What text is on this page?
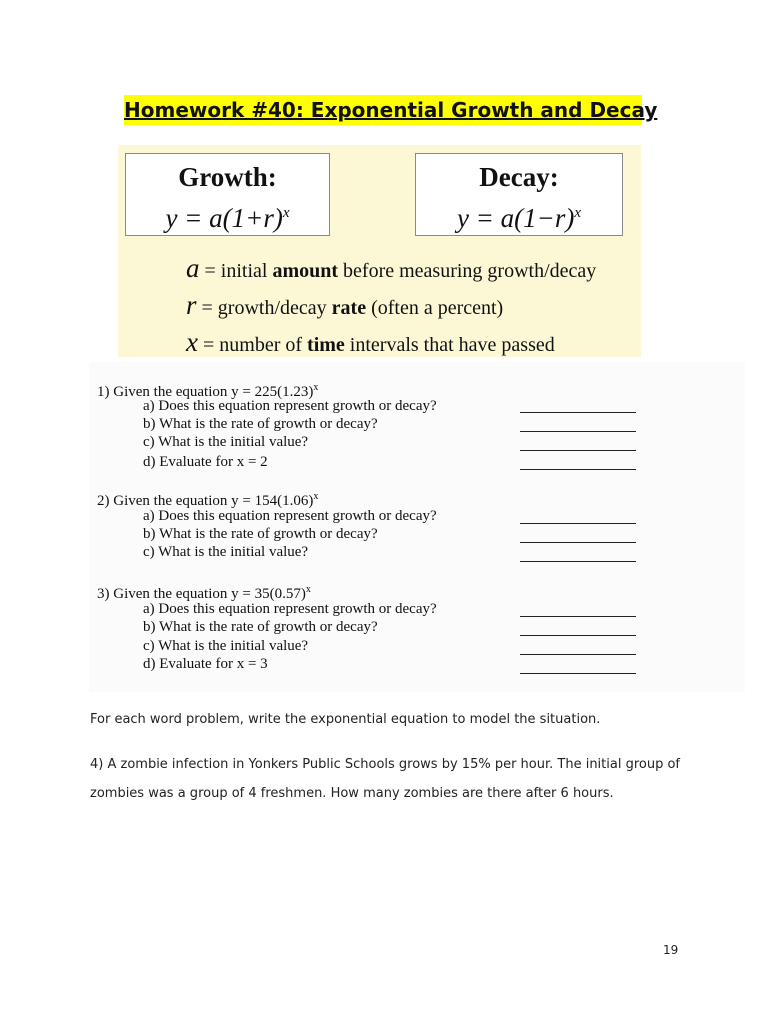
Homework #40: Exponential Growth and Decay
Growth:
$y = a(1+r)^x$
Decay:
$y = a(1-r)^x$
a = initial amount before measuring growth/decay
r = growth/decay rate (often a percent)
x = number of time intervals that have passed
1) Given the equation $y = 225(1.23)^x$
a) Does this equation represent growth or decay?
b) What is the rate of growth or decay?
c) What is the initial value?
d) Evaluate for x = 2
2) Given the equation $y = 154(1.06)^x$
a) Does this equation represent growth or decay?
b) What is the rate of growth or decay?
c) What is the initial value?
3) Given the equation $y = 35(0.57)^x$
a) Does this equation represent growth or decay?
b) What is the rate of growth or decay?
c) What is the initial value?
d) Evaluate for x = 3
For each word problem, write the exponential equation to model the situation.
4) A zombie infection in Yonkers Public Schools grows by 15% per hour. The initial group of zombies was a group of 4 freshmen. How many zombies are there after 6 hours.
19
